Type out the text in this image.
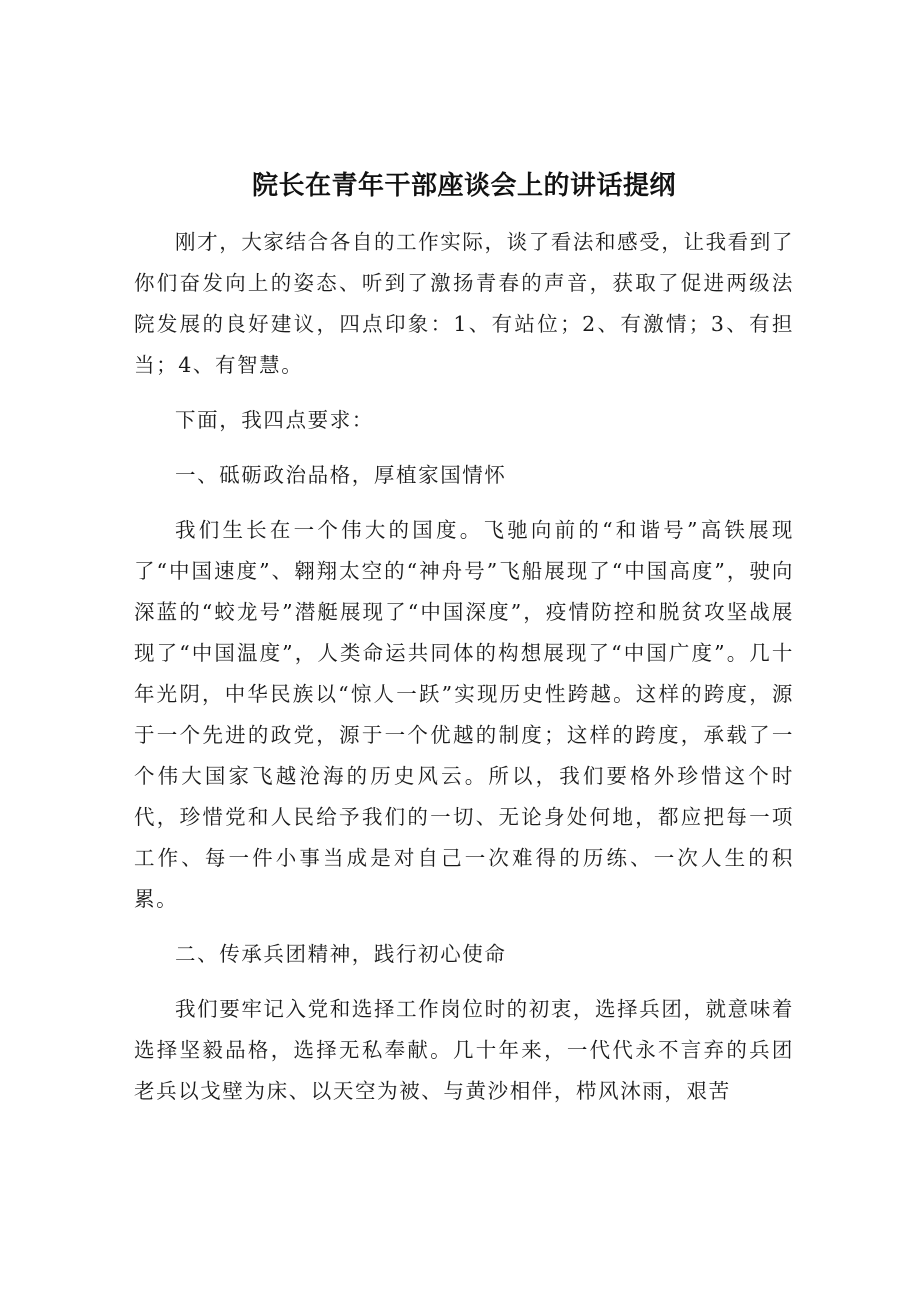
院长在青年干部座谈会上的讲话提纲

刚才，大家结合各自的工作实际，谈了看法和感受，让我看到了你们奋发向上的姿态、听到了激扬青春的声音，获取了促进两级法院发展的良好建议，四点印象：1、有站位；2、有激情；3、有担当；4、有智慧。

下面，我四点要求：

一、砥砺政治品格，厚植家国情怀

我们生长在一个伟大的国度。飞驰向前的“和谐号”高铁展现了“中国速度”、翱翔太空的“神舟号”飞船展现了“中国高度”，驶向深蓝的“蛟龙号”潜艇展现了“中国深度”，疫情防控和脱贫攻坚战展现了“中国温度”，人类命运共同体的构想展现了“中国广度”。几十年光阴，中华民族以“惊人一跃”实现历史性跨越。这样的跨度，源于一个先进的政党，源于一个优越的制度；这样的跨度，承载了一个伟大国家飞越沧海的历史风云。所以，我们要格外珍惜这个时代，珍惜党和人民给予我们的一切、无论身处何地，都应把每一项工作、每一件小事当成是对自己一次难得的历练、一次人生的积累。

二、传承兵团精神，践行初心使命

我们要牢记入党和选择工作岗位时的初衷，选择兵团，就意味着选择坚毅品格，选择无私奉献。几十年来，一代代永不言弃的兵团老兵以戈壁为床、以天空为被、与黄沙相伴，栉风沐雨，艰苦
